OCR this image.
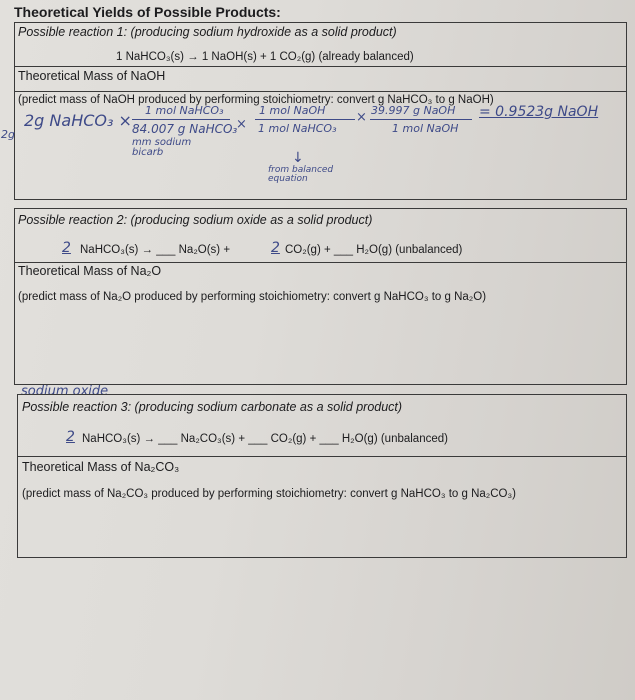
Theoretical Yields of Possible Products:
Possible reaction 1: (producing sodium hydroxide as a solid product)
1 NaHCO₃(s) → 1 NaOH(s) + 1 CO₂(g) (already balanced)
Theoretical Mass of NaOH
(predict mass of NaOH produced by performing stoichiometry: convert g NaHCO₃ to g NaOH)
2g
2g NaHCO₃ ×
1 mol NaHCO₃
84.007 g NaHCO₃
×
1 mol NaOH
1 mol NaHCO₃
× 39.997 g NaOH
1 mol NaOH
= 0.9523g NaOH
mm sodium bicarb	↓
from balanced equation
Possible reaction 2: (producing sodium oxide as a solid product)
2 NaHCO₃(s) → ___ Na₂O(s) +	2 CO₂(g) + ___ H₂O(g) (unbalanced)
Theoretical Mass of Na₂O
(predict mass of Na₂O produced by performing stoichiometry: convert g NaHCO₃ to g Na₂O)
sodium oxide
Possible reaction 3: (producing sodium carbonate as a solid product)
2 NaHCO₃(s) → ___ Na₂CO₃(s) + ___ CO₂(g) + ___ H₂O(g) (unbalanced)
Theoretical Mass of Na₂CO₃
(predict mass of Na₂CO₃ produced by performing stoichiometry: convert g NaHCO₃ to g Na₂CO₃)
